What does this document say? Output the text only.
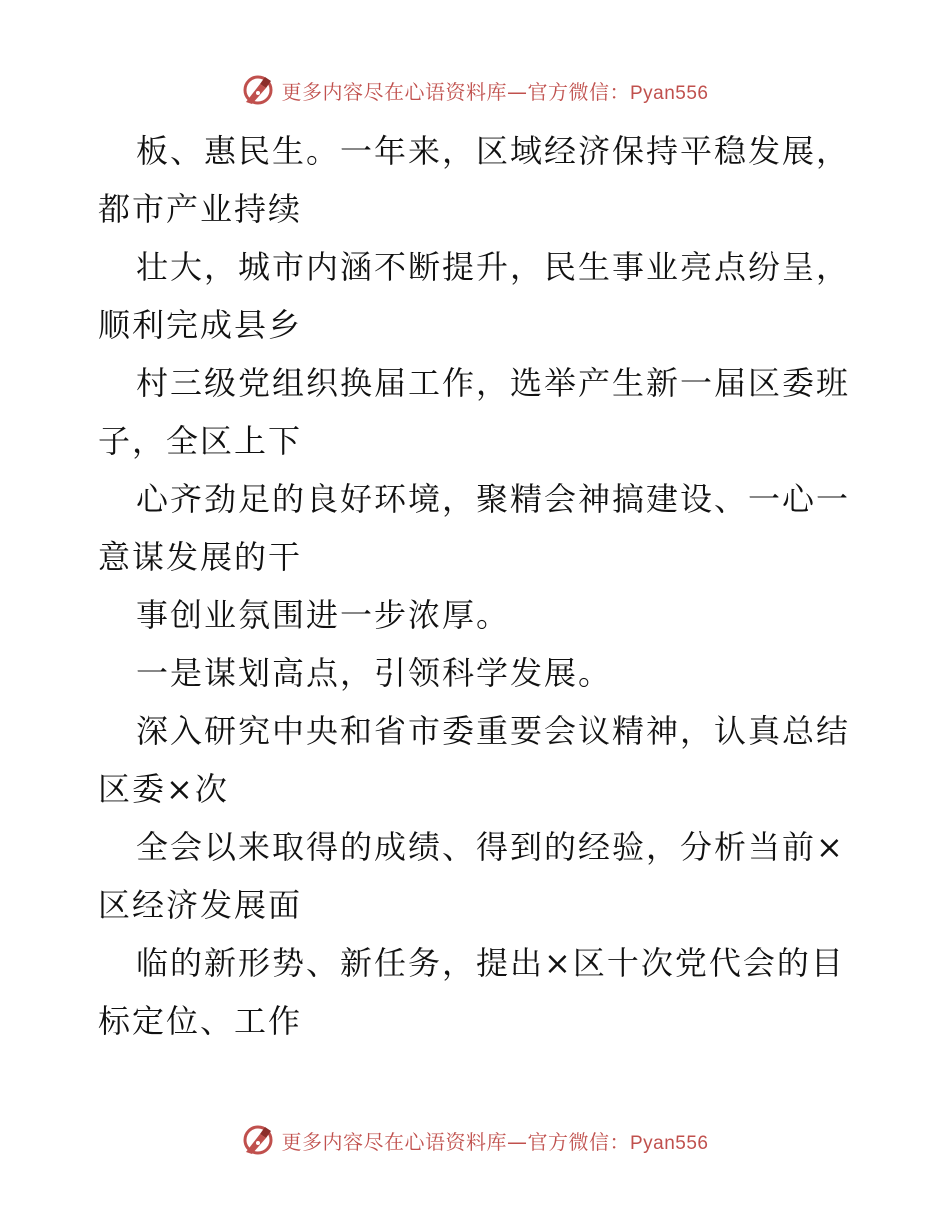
更多内容尽在心语资料库—官方微信：Pyan556

板、惠民生。一年来，区域经济保持平稳发展，
都市产业持续

壮大，城市内涵不断提升，民生事业亮点纷呈，
顺利完成县乡

村三级党组织换届工作，选举产生新一届区委班
子，全区上下

心齐劲足的良好环境，聚精会神搞建设、一心一
意谋发展的干

事创业氛围进一步浓厚。

一是谋划高点，引领科学发展。

深入研究中央和省市委重要会议精神，认真总结
区委×次

全会以来取得的成绩、得到的经验，分析当前×
区经济发展面

临的新形势、新任务，提出×区十次党代会的目
标定位、工作

更多内容尽在心语资料库—官方微信：Pyan556
